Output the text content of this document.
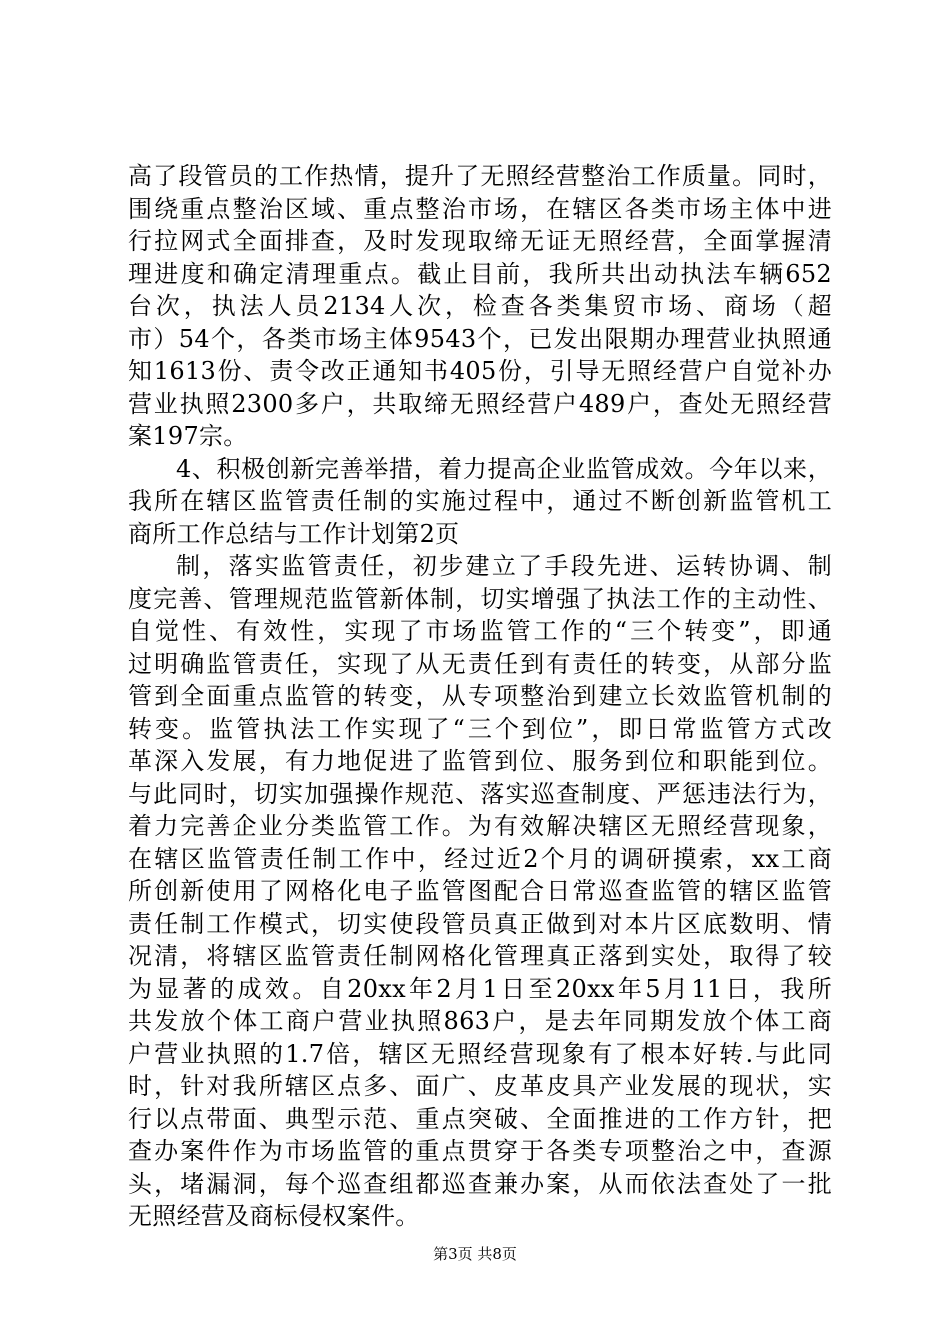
高了段管员的工作热情，提升了无照经营整治工作质量。同时，
围绕重点整治区域、重点整治市场，在辖区各类市场主体中进
行拉网式全面排查，及时发现取缔无证无照经营，全面掌握清
理进度和确定清理重点。截止目前，我所共出动执法车辆652
台次，执法人员2134人次，检查各类集贸市场、商场（超
市）54个，各类市场主体9543个，已发出限期办理营业执照通
知1613份、责令改正通知书405份，引导无照经营户自觉补办
营业执照2300多户，共取缔无照经营户489户，查处无照经营
案197宗。
4、积极创新完善举措，着力提高企业监管成效。今年以来，
我所在辖区监管责任制的实施过程中，通过不断创新监管机工
商所工作总结与工作计划第2页
制，落实监管责任，初步建立了手段先进、运转协调、制
度完善、管理规范监管新体制，切实增强了执法工作的主动性、
自觉性、有效性，实现了市场监管工作的“三个转变”，即通
过明确监管责任，实现了从无责任到有责任的转变，从部分监
管到全面重点监管的转变，从专项整治到建立长效监管机制的
转变。监管执法工作实现了“三个到位”，即日常监管方式改
革深入发展，有力地促进了监管到位、服务到位和职能到位。
与此同时，切实加强操作规范、落实巡查制度、严惩违法行为，
着力完善企业分类监管工作。为有效解决辖区无照经营现象，
在辖区监管责任制工作中，经过近2个月的调研摸索，xx工商
所创新使用了网格化电子监管图配合日常巡查监管的辖区监管
责任制工作模式，切实使段管员真正做到对本片区底数明、情
况清，将辖区监管责任制网格化管理真正落到实处，取得了较
为显著的成效。自20xx年2月1日至20xx年5月11日，我所
共发放个体工商户营业执照863户，是去年同期发放个体工商
户营业执照的1.7倍，辖区无照经营现象有了根本好转.与此同
时，针对我所辖区点多、面广、皮革皮具产业发展的现状，实
行以点带面、典型示范、重点突破、全面推进的工作方针，把
查办案件作为市场监管的重点贯穿于各类专项整治之中，查源
头，堵漏洞，每个巡查组都巡查兼办案，从而依法查处了一批
无照经营及商标侵权案件。
第3页 共8页
